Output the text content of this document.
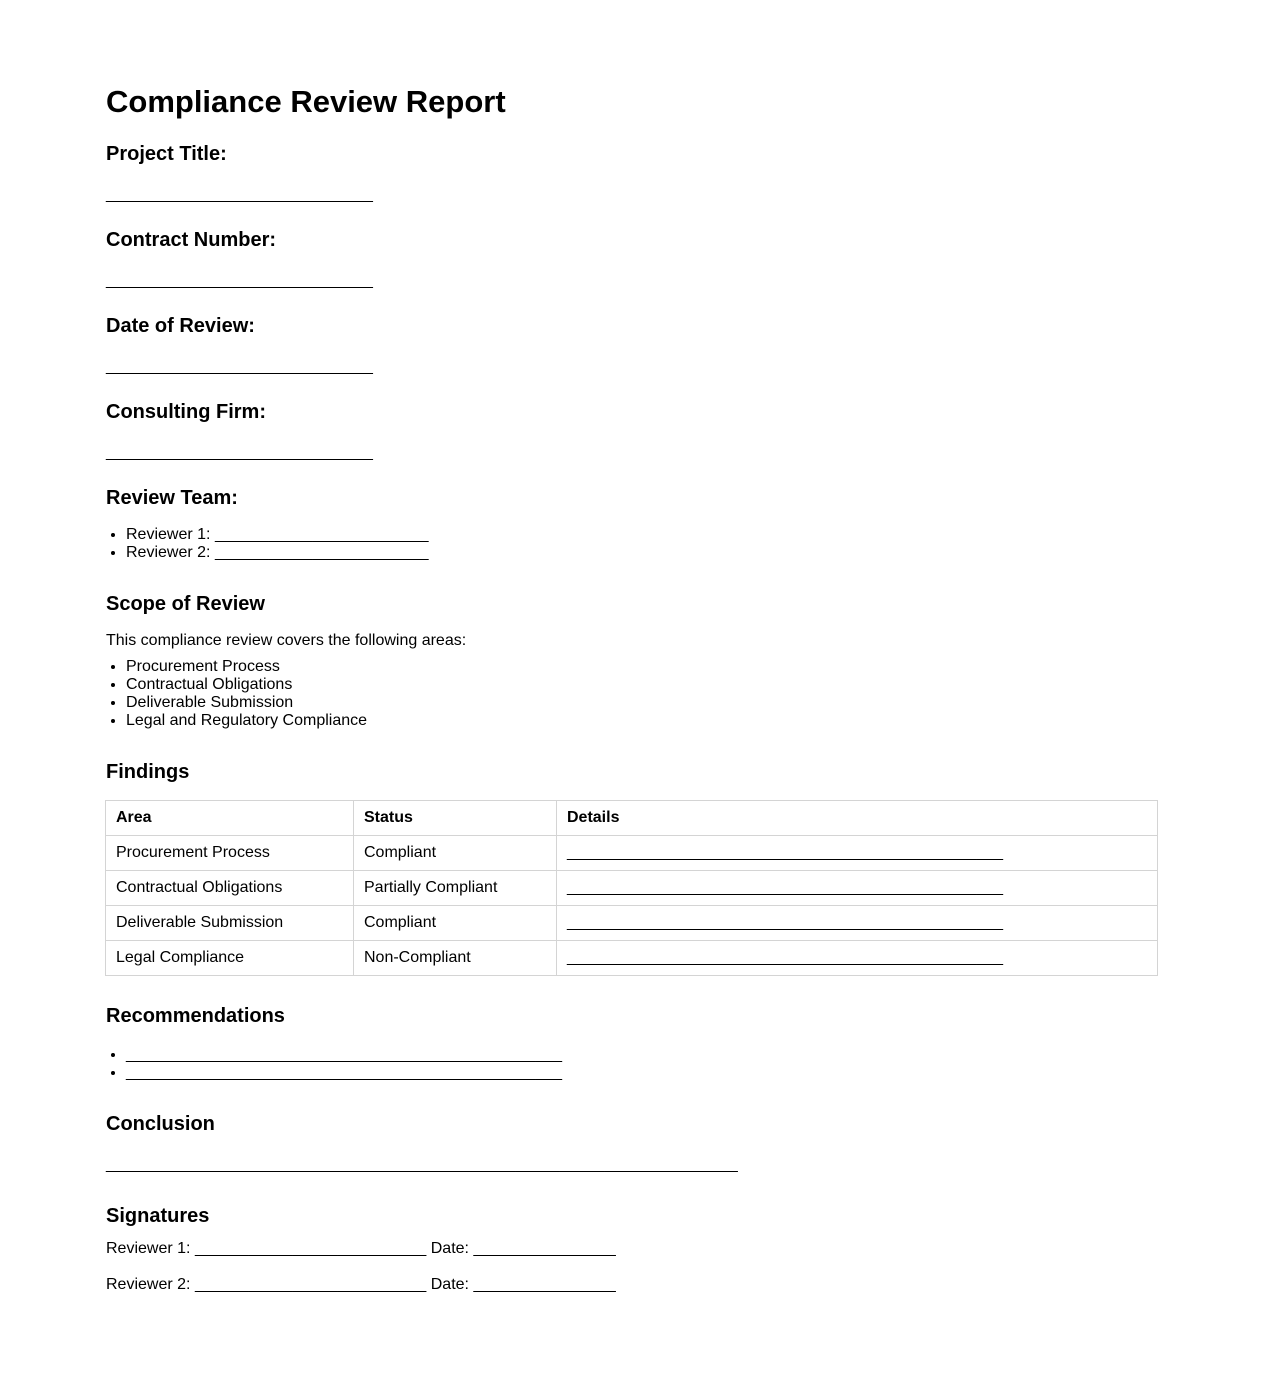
Compliance Review Report
Project Title:
______________________________
Contract Number:
______________________________
Date of Review:
______________________________
Consulting Firm:
______________________________
Review Team:
• Reviewer 1: ________________________
• Reviewer 2: ________________________
Scope of Review

This compliance review covers the following areas:

• Procurement Process
• Contractual Obligations
• Deliverable Submission
• Legal and Regulatory Compliance
Findings
Area	Status	Details
Procurement Process	Compliant	_________________________________________________
Contractual Obligations	Partially Compliant	_________________________________________________
Deliverable Submission	Compliant	_________________________________________________
Legal Compliance	Non-Compliant	_________________________________________________
Recommendations
• _________________________________________________
• _________________________________________________
Conclusion
_______________________________________________________________________
Signatures

Reviewer 1: __________________________ Date: ________________

Reviewer 2: __________________________ Date: ________________
